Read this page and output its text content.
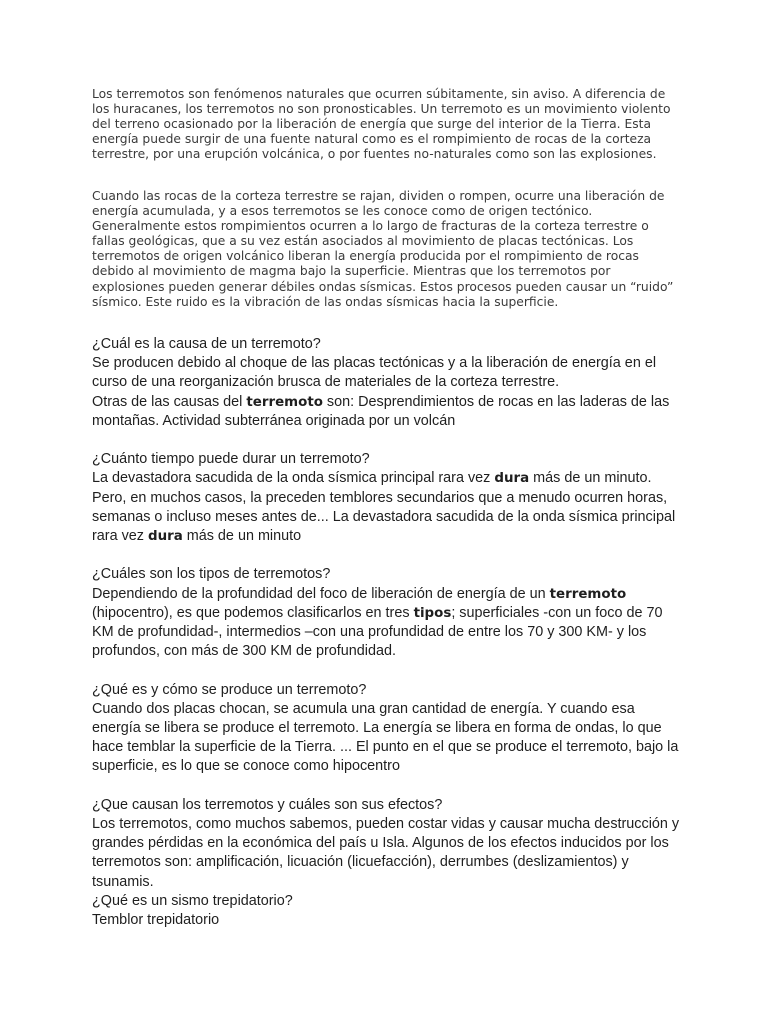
Los terremotos son fenómenos naturales que ocurren súbitamente, sin aviso. A diferencia de los huracanes, los terremotos no son pronosticables. Un terremoto es un movimiento violento del terreno ocasionado por la liberación de energía que surge del interior de la Tierra. Esta energía puede surgir de una fuente natural como es el rompimiento de rocas de la corteza terrestre, por una erupción volcánica, o por fuentes no-naturales como son las explosiones.

Cuando las rocas de la corteza terrestre se rajan, dividen o rompen, ocurre una liberación de energía acumulada, y a esos terremotos se les conoce como de origen tectónico. Generalmente estos rompimientos ocurren a lo largo de fracturas de la corteza terrestre o fallas geológicas, que a su vez están asociados al movimiento de placas tectónicas. Los terremotos de origen volcánico liberan la energía producida por el rompimiento de rocas debido al movimiento de magma bajo la superficie. Mientras que los terremotos por explosiones pueden generar débiles ondas sísmicas. Estos procesos pueden causar un “ruido” sísmico. Este ruido es la vibración de las ondas sísmicas hacia la superficie.

¿Cuál es la causa de un terremoto?

Se producen debido al choque de las placas tectónicas y a la liberación de energía en el curso de una reorganización brusca de materiales de la corteza terrestre.

Otras de las causas del terremoto son: Desprendimientos de rocas en las laderas de las montañas. Actividad subterránea originada por un volcán

¿Cuánto tiempo puede durar un terremoto?

La devastadora sacudida de la onda sísmica principal rara vez dura más de un minuto. Pero, en muchos casos, la preceden temblores secundarios que a menudo ocurren horas, semanas o incluso meses antes de... La devastadora sacudida de la onda sísmica principal rara vez dura más de un minuto

¿Cuáles son los tipos de terremotos?

Dependiendo de la profundidad del foco de liberación de energía de un terremoto (hipocentro), es que podemos clasificarlos en tres tipos; superficiales -con un foco de 70 KM de profundidad-, intermedios –con una profundidad de entre los 70 y 300 KM- y los profundos, con más de 300 KM de profundidad.

¿Qué es y cómo se produce un terremoto?

Cuando dos placas chocan, se acumula una gran cantidad de energía. Y cuando esa energía se libera se produce el terremoto. La energía se libera en forma de ondas, lo que hace temblar la superficie de la Tierra. ... El punto en el que se produce el terremoto, bajo la superficie, es lo que se conoce como hipocentro

¿Que causan los terremotos y cuáles son sus efectos?

Los terremotos, como muchos sabemos, pueden costar vidas y causar mucha destrucción y grandes pérdidas en la económica del país u Isla. Algunos de los efectos inducidos por los terremotos son: amplificación, licuación (licuefacción), derrumbes (deslizamientos) y tsunamis.

¿Qué es un sismo trepidatorio?

Temblor trepidatorio
